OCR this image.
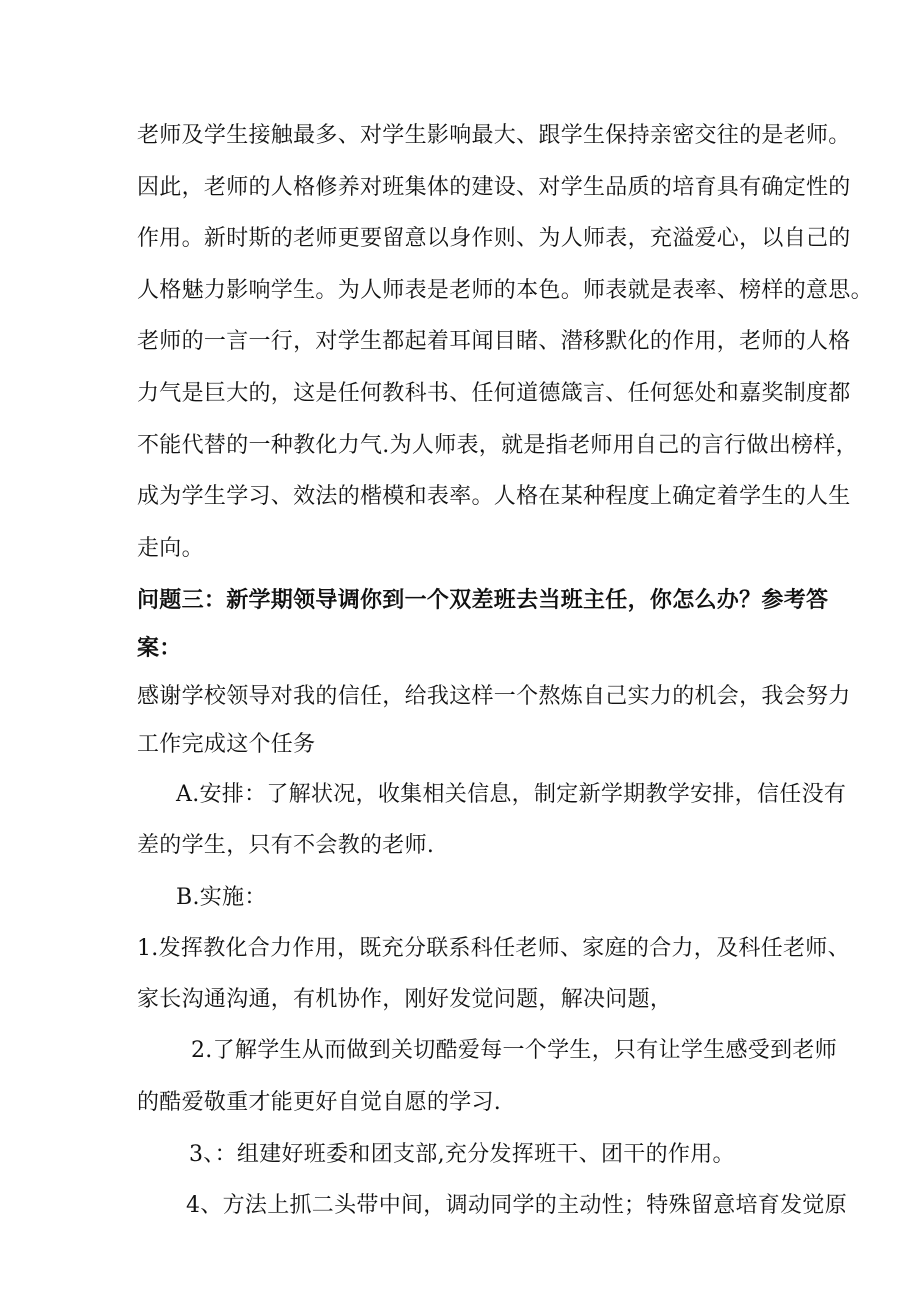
老师及学生接触最多、对学生影响最大、跟学生保持亲密交往的是老师。
因此，老师的人格修养对班集体的建设、对学生品质的培育具有确定性的
作用。新时斯的老师更要留意以身作则、为人师表，充溢爱心，以自己的
人格魅力影响学生。为人师表是老师的本色。师表就是表率、榜样的意思。
老师的一言一行，对学生都起着耳闻目睹、潜移默化的作用，老师的人格
力气是巨大的，这是任何教科书、任何道德箴言、任何惩处和嘉奖制度都
不能代替的一种教化力气.为人师表，就是指老师用自己的言行做出榜样，
成为学生学习、效法的楷模和表率。人格在某种程度上确定着学生的人生
走向。
问题三：新学期领导调你到一个双差班去当班主任，你怎么办？参考答
案：
感谢学校领导对我的信任，给我这样一个熬炼自己实力的机会，我会努力
工作完成这个任务
A.安排：了解状况，收集相关信息，制定新学期教学安排，信任没有
差的学生，只有不会教的老师.
B.实施：
1.发挥教化合力作用，既充分联系科任老师、家庭的合力，及科任老师、
家长沟通沟通，有机协作，刚好发觉问题，解决问题，
2.了解学生从而做到关切酷爱每一个学生，只有让学生感受到老师
的酷爱敬重才能更好自觉自愿的学习.
3、：组建好班委和团支部,充分发挥班干、团干的作用。
4、方法上抓二头带中间，调动同学的主动性；特殊留意培育发觉原
